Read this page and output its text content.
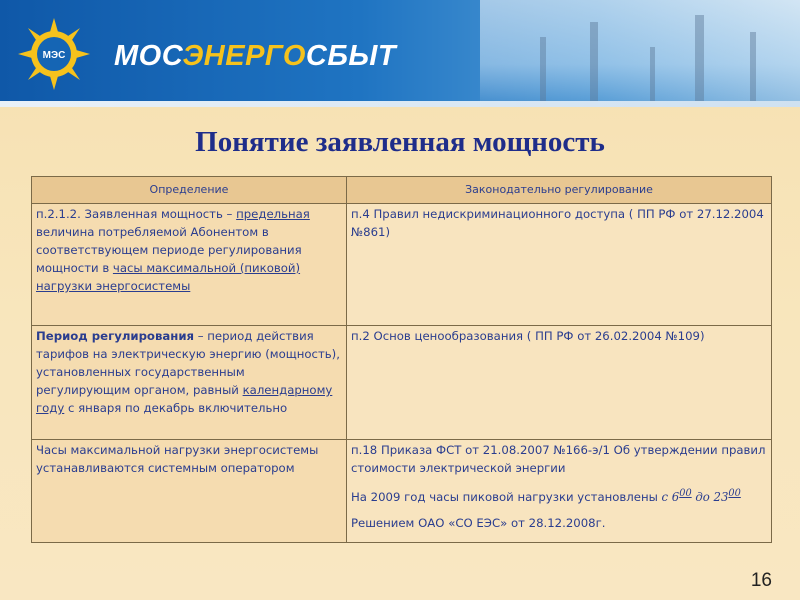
МЭС МОСЭНЕРГОСБЫТ
Понятие заявленная мощность
Определение	Законодательно регулирование
п.2.1.2. Заявленная мощность – предельная величина потребляемой Абонентом в соответствующем периоде регулирования мощности в часы максимальной (пиковой) нагрузки энергосистемы	п.4 Правил недискриминационного доступа ( ПП РФ от 27.12.2004 №861)
Период регулирования – период действия тарифов на электрическую энергию (мощность), установленных государственным регулирующим органом, равный календарному году с января по декабрь включительно	п.2 Основ ценообразования ( ПП РФ от 26.02.2004 №109)
Часы максимальной нагрузки энергосистемы устанавливаются системным оператором	п.18 Приказа ФСТ от 21.08.2007 №166-э/1 Об утверждении правил стоимости электрической энергии

На 2009 год часы пиковой нагрузки установлены с $6^{00}$ до $23^{00}$

Решением ОАО «СО ЕЭС» от 28.12.2008г.

16
